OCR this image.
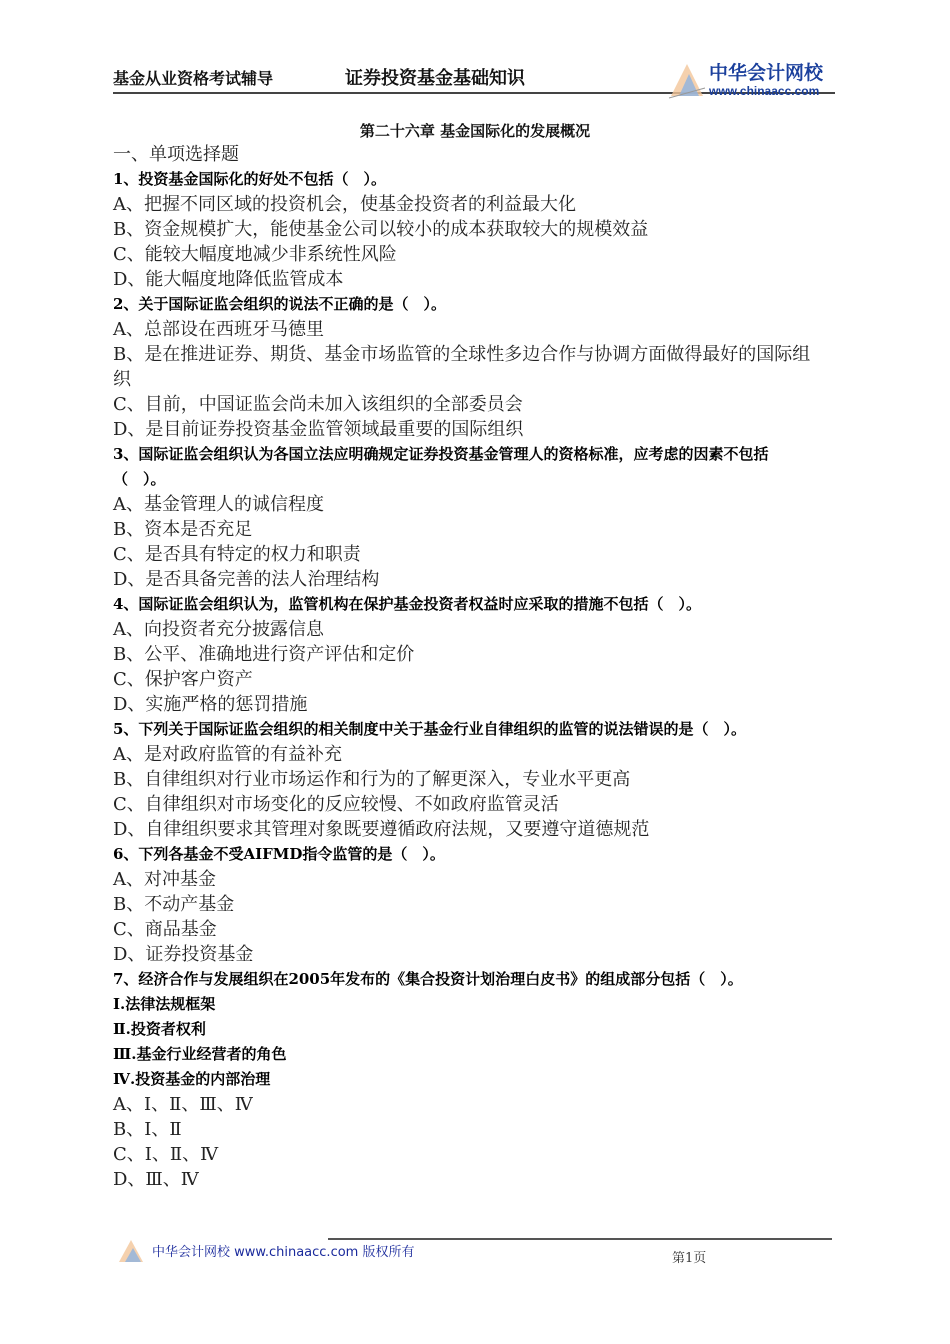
基金从业资格考试辅导	证券投资基金基础知识	中华会计网校
www.chinaacc.com
第二十六章 基金国际化的发展概况
一、单项选择题
1、投资基金国际化的好处不包括（　）。
A、把握不同区域的投资机会，使基金投资者的利益最大化
B、资金规模扩大，能使基金公司以较小的成本获取较大的规模效益
C、能较大幅度地减少非系统性风险
D、能大幅度地降低监管成本
2、关于国际证监会组织的说法不正确的是（　）。
A、总部设在西班牙马德里
B、是在推进证券、期货、基金市场监管的全球性多边合作与协调方面做得最好的国际组
织
C、目前，中国证监会尚未加入该组织的全部委员会
D、是目前证券投资基金监管领域最重要的国际组织
3、国际证监会组织认为各国立法应明确规定证券投资基金管理人的资格标准，应考虑的因素不包括
（　）。
A、基金管理人的诚信程度
B、资本是否充足
C、是否具有特定的权力和职责
D、是否具备完善的法人治理结构
4、国际证监会组织认为，监管机构在保护基金投资者权益时应采取的措施不包括（　）。
A、向投资者充分披露信息
B、公平、准确地进行资产评估和定价
C、保护客户资产
D、实施严格的惩罚措施
5、下列关于国际证监会组织的相关制度中关于基金行业自律组织的监管的说法错误的是（　）。
A、是对政府监管的有益补充
B、自律组织对行业市场运作和行为的了解更深入，专业水平更高
C、自律组织对市场变化的反应较慢、不如政府监管灵活
D、自律组织要求其管理对象既要遵循政府法规，又要遵守道德规范
6、下列各基金不受AIFMD指令监管的是（　）。
A、对冲基金
B、不动产基金
C、商品基金
D、证券投资基金
7、经济合作与发展组织在2005年发布的《集合投资计划治理白皮书》的组成部分包括（　）。
Ⅰ.法律法规框架
Ⅱ.投资者权利
Ⅲ.基金行业经营者的角色
Ⅳ.投资基金的内部治理
A、Ⅰ、Ⅱ、Ⅲ、Ⅳ
B、Ⅰ、Ⅱ
C、Ⅰ、Ⅱ、Ⅳ
D、Ⅲ、Ⅳ
中华会计网校 www.chinaacc.com 版权所有	第1页
